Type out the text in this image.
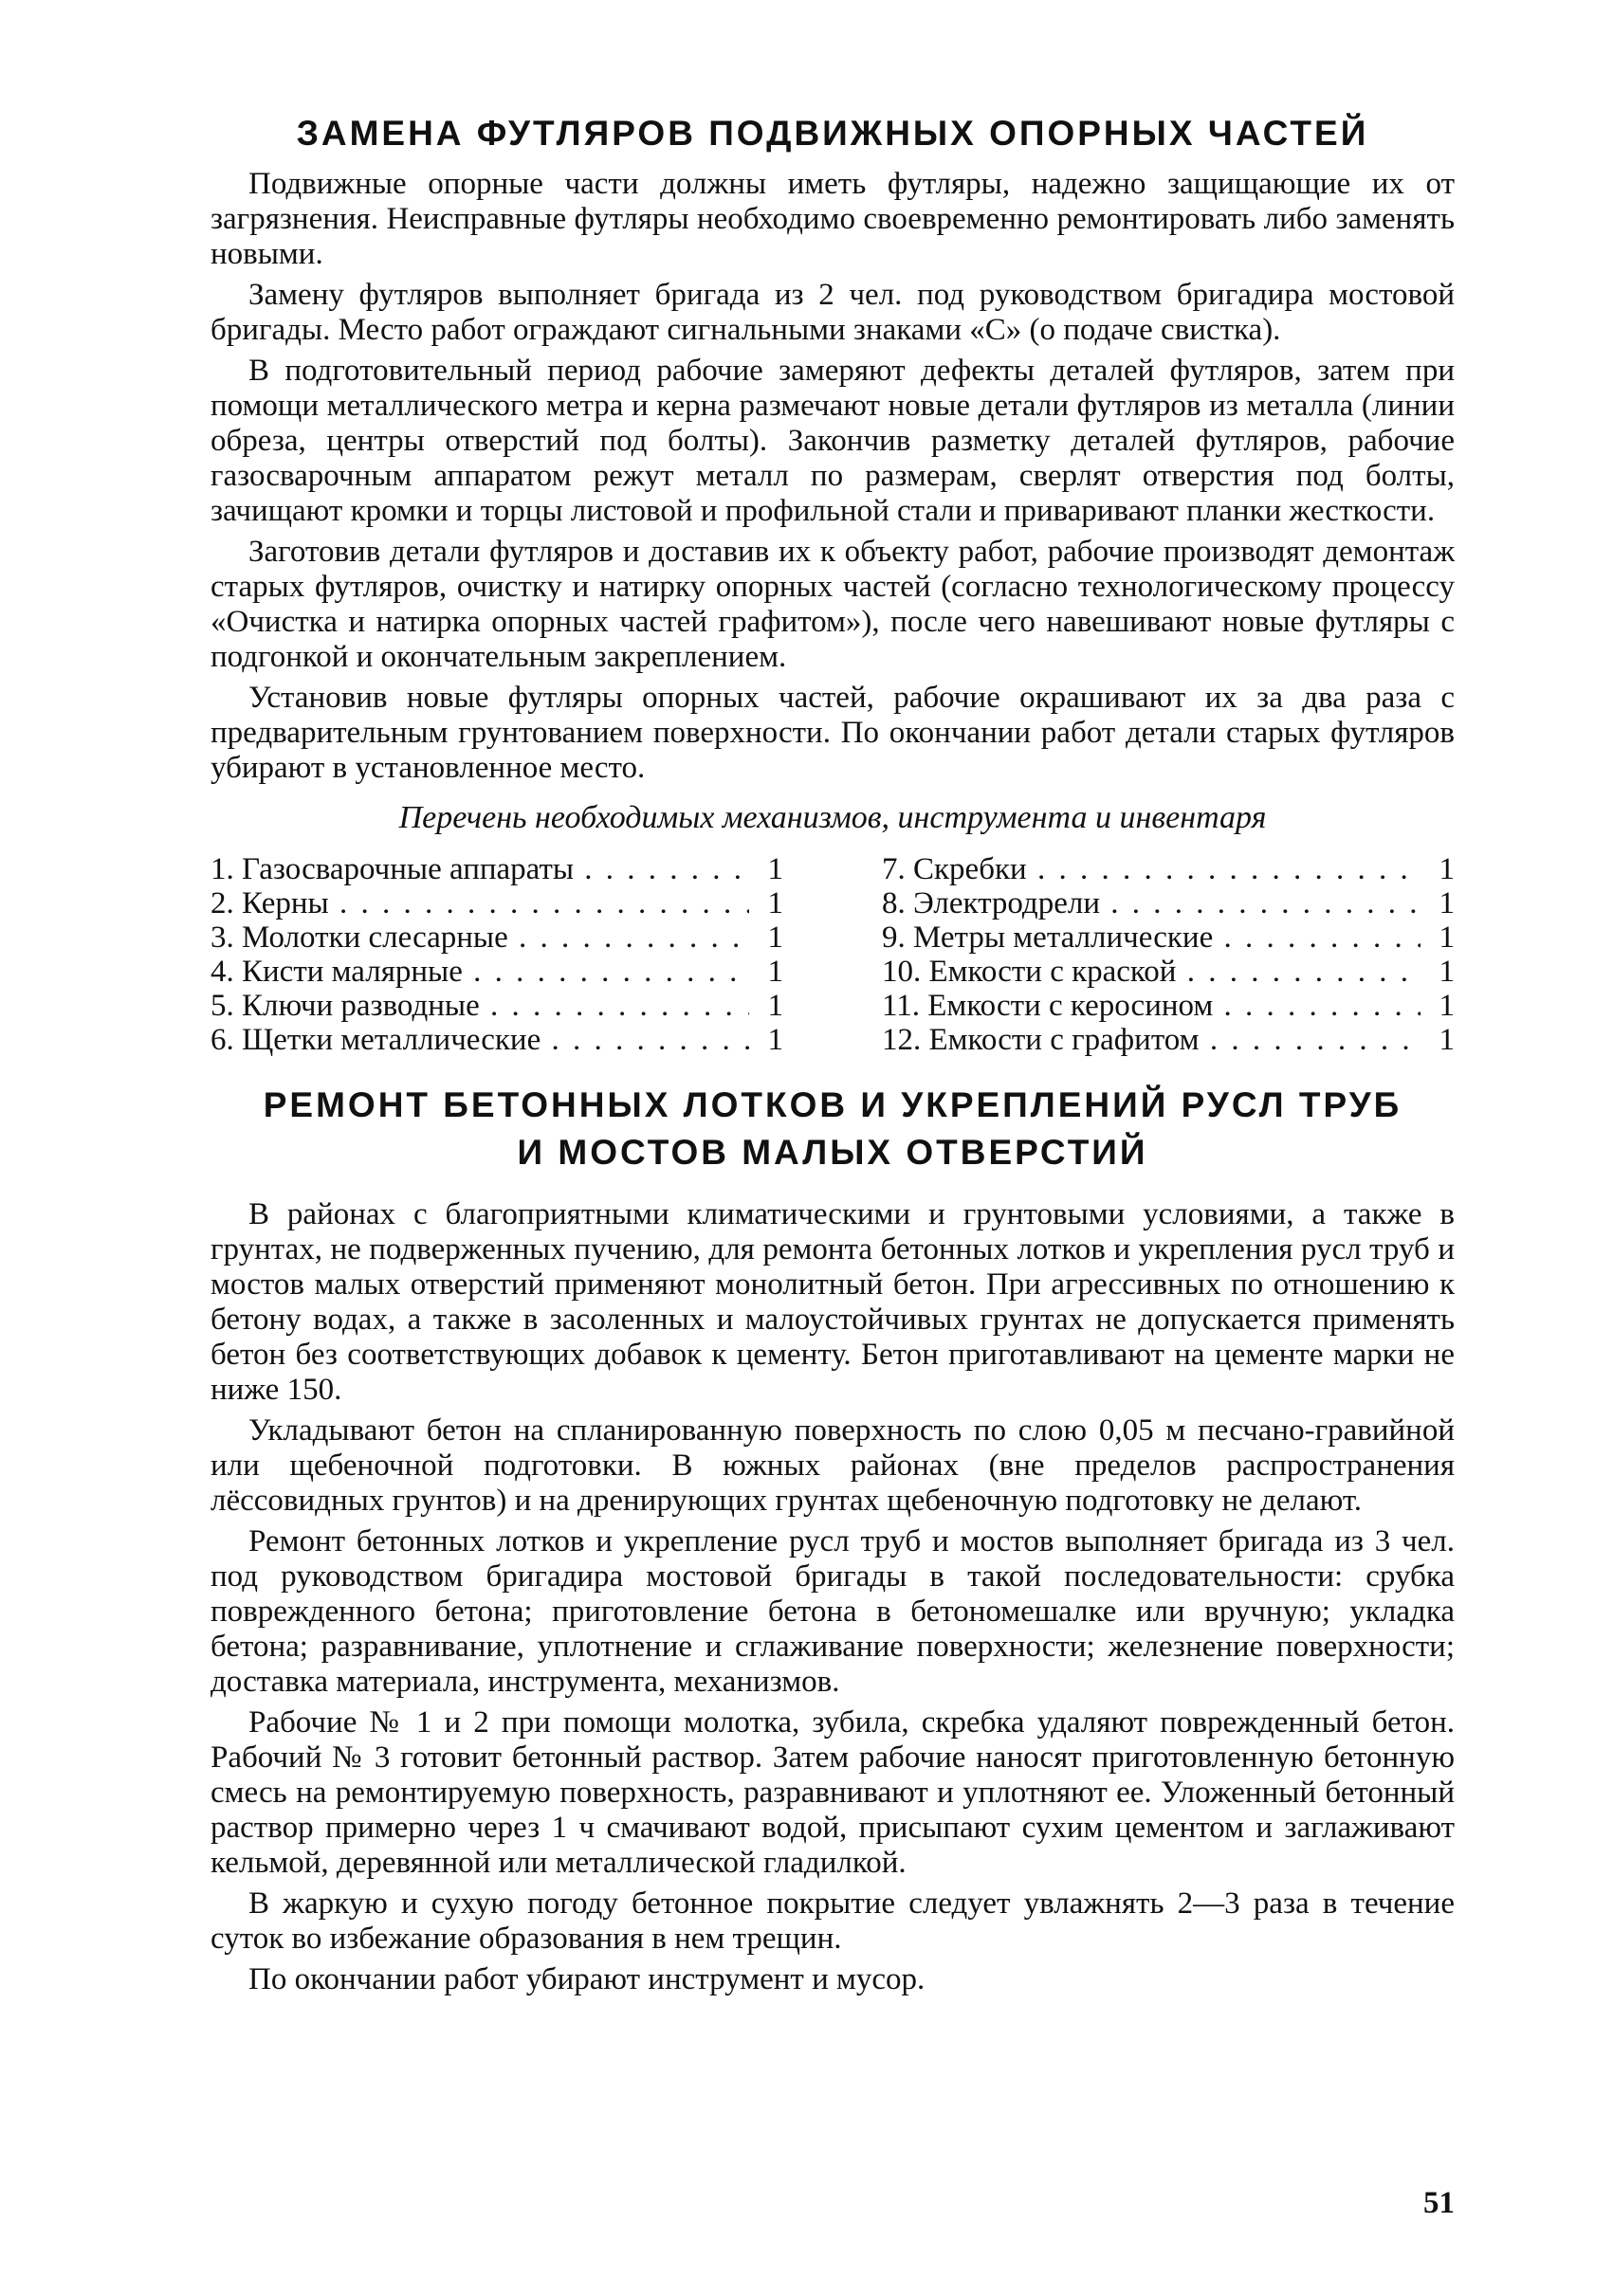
ЗАМЕНА ФУТЛЯРОВ ПОДВИЖНЫХ ОПОРНЫХ ЧАСТЕЙ

Подвижные опорные части должны иметь футляры, надежно защищающие их от загрязнения. Неисправные футляры необходимо своевременно ремонтировать либо заменять новыми.

Замену футляров выполняет бригада из 2 чел. под руководством бригадира мостовой бригады. Место работ ограждают сигнальными знаками «С» (о подаче свистка).

В подготовительный период рабочие замеряют дефекты деталей футляров, затем при помощи металлического метра и керна размечают новые детали футляров из металла (линии обреза, центры отверстий под болты). Закончив разметку деталей футляров, рабочие газосварочным аппаратом режут металл по размерам, сверлят отверстия под болты, зачищают кромки и торцы листовой и профильной стали и приваривают планки жесткости.

Заготовив детали футляров и доставив их к объекту работ, рабочие производят демонтаж старых футляров, очистку и натирку опорных частей (согласно технологическому процессу «Очистка и натирка опорных частей графитом»), после чего навешивают новые футляры с подгонкой и окончательным закреплением.

Установив новые футляры опорных частей, рабочие окрашивают их за два раза с предварительным грунтованием поверхности. По окончании работ детали старых футляров убирают в установленное место.

Перечень необходимых механизмов, инструмента и инвентаря
1. Газосварочные аппараты . . .	1
2. Керны . . .	1
3. Молотки слесарные . . .	1
4. Кисти малярные . . .	1
5. Ключи разводные . . .	1
6. Щетки металлические . . .	1
7. Скребки . . .	1
8. Электродрели . . .	1
9. Метры металлические . . .	1
10. Емкости с краской . . .	1
11. Емкости с керосином . . .	1
12. Емкости с графитом . . .	1
РЕМОНТ БЕТОННЫХ ЛОТКОВ И УКРЕПЛЕНИЙ РУСЛ ТРУБ
И МОСТОВ МАЛЫХ ОТВЕРСТИЙ

В районах с благоприятными климатическими и грунтовыми условиями, а также в грунтах, не подверженных пучению, для ремонта бетонных лотков и укрепления русл труб и мостов малых отверстий применяют монолитный бетон. При агрессивных по отношению к бетону водах, а также в засоленных и малоустойчивых грунтах не допускается применять бетон без соответствующих добавок к цементу. Бетон приготавливают на цементе марки не ниже 150.

Укладывают бетон на спланированную поверхность по слою 0,05 м песчано-гравийной или щебеночной подготовки. В южных районах (вне пределов распространения лёссовидных грунтов) и на дренирующих грунтах щебеночную подготовку не делают.

Ремонт бетонных лотков и укрепление русл труб и мостов выполняет бригада из 3 чел. под руководством бригадира мостовой бригады в такой последовательности: срубка поврежденного бетона; приготовление бетона в бетономешалке или вручную; укладка бетона; разравнивание, уплотнение и сглаживание поверхности; железнение поверхности; доставка материала, инструмента, механизмов.

Рабочие № 1 и 2 при помощи молотка, зубила, скребка удаляют поврежденный бетон. Рабочий № 3 готовит бетонный раствор. Затем рабочие наносят приготовленную бетонную смесь на ремонтируемую поверхность, разравнивают и уплотняют ее. Уложенный бетонный раствор примерно через 1 ч смачивают водой, присыпают сухим цементом и заглаживают кельмой, деревянной или металлической гладилкой.

В жаркую и сухую погоду бетонное покрытие следует увлажнять 2—3 раза в течение суток во избежание образования в нем трещин.

По окончании работ убирают инструмент и мусор.

51
